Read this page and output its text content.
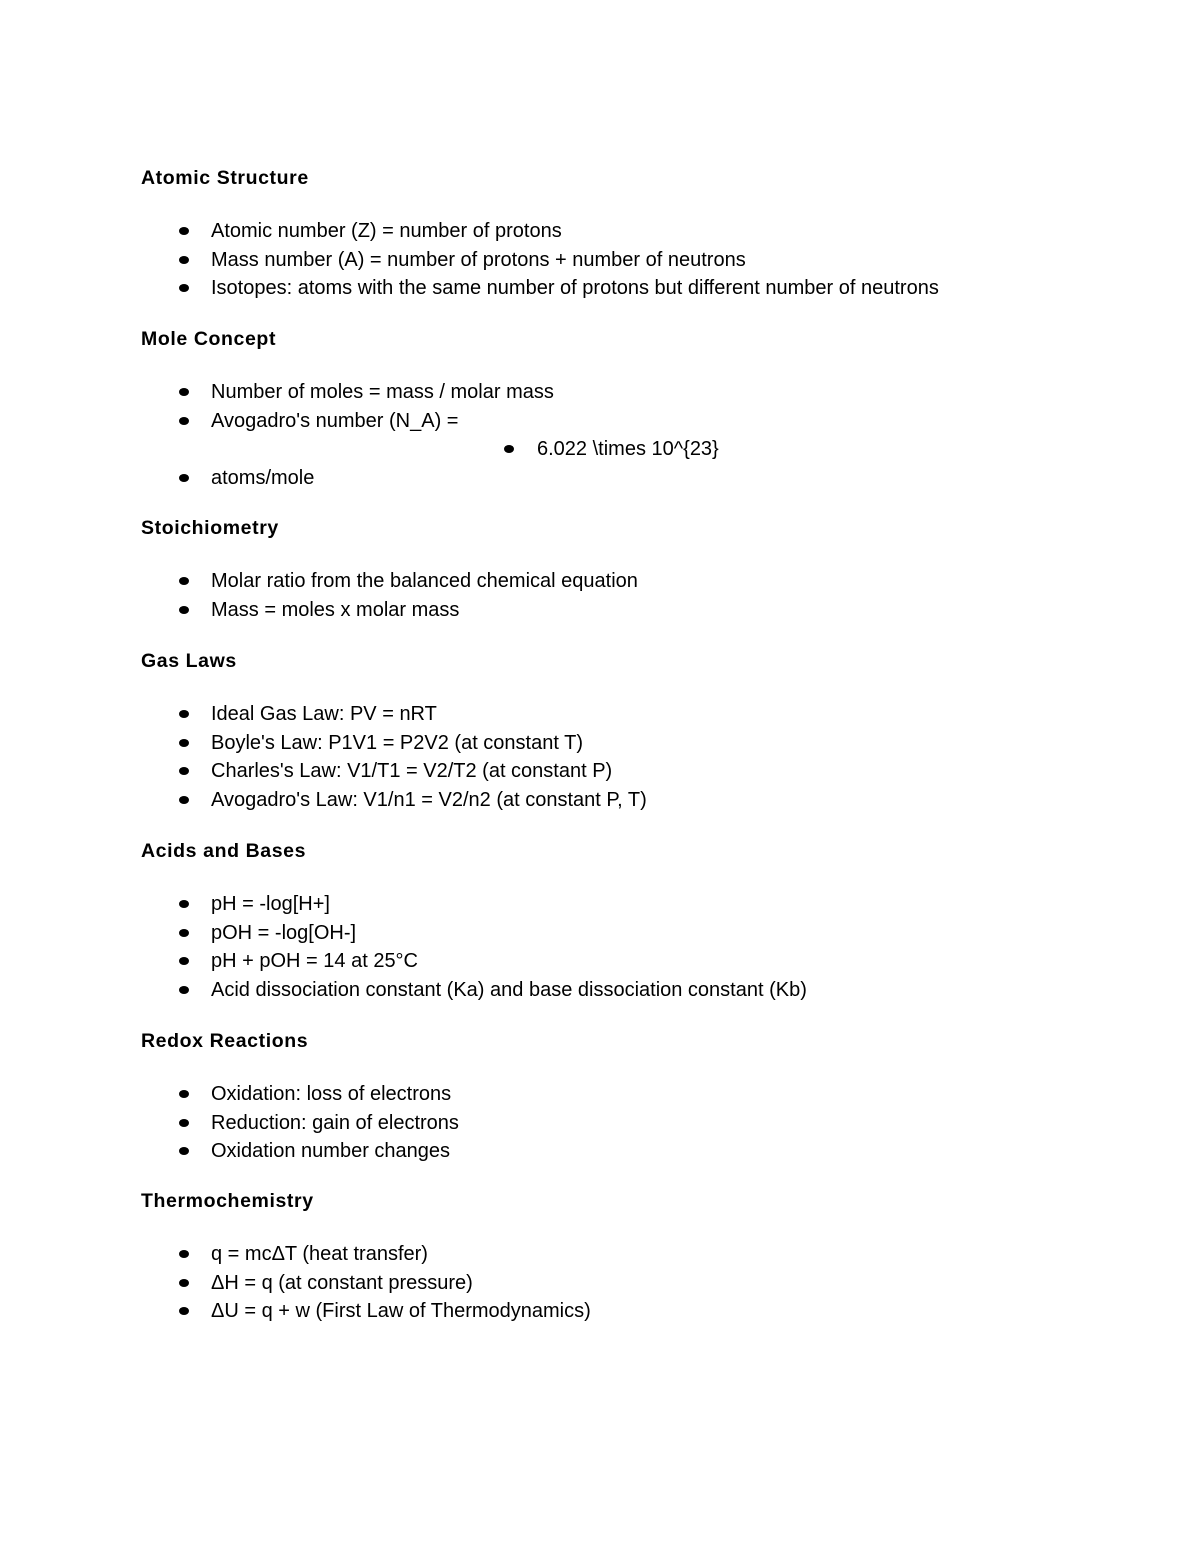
Atomic Structure
Atomic number (Z) = number of protons
Mass number (A) = number of protons + number of neutrons
Isotopes: atoms with the same number of protons but different number of neutrons
Mole Concept
Number of moles = mass / molar mass
Avogadro's number (N_A) =
6.022 \times 10^{23}
atoms/mole
Stoichiometry
Molar ratio from the balanced chemical equation
Mass = moles x molar mass
Gas Laws
Ideal Gas Law: PV = nRT
Boyle's Law: P1V1 = P2V2 (at constant T)
Charles's Law: V1/T1 = V2/T2 (at constant P)
Avogadro's Law: V1/n1 = V2/n2 (at constant P, T)
Acids and Bases
pH = -log[H+]
pOH = -log[OH-]
pH + pOH = 14 at 25°C
Acid dissociation constant (Ka) and base dissociation constant (Kb)
Redox Reactions
Oxidation: loss of electrons
Reduction: gain of electrons
Oxidation number changes
Thermochemistry
q = mcΔT (heat transfer)
ΔH = q (at constant pressure)
ΔU = q + w (First Law of Thermodynamics)
